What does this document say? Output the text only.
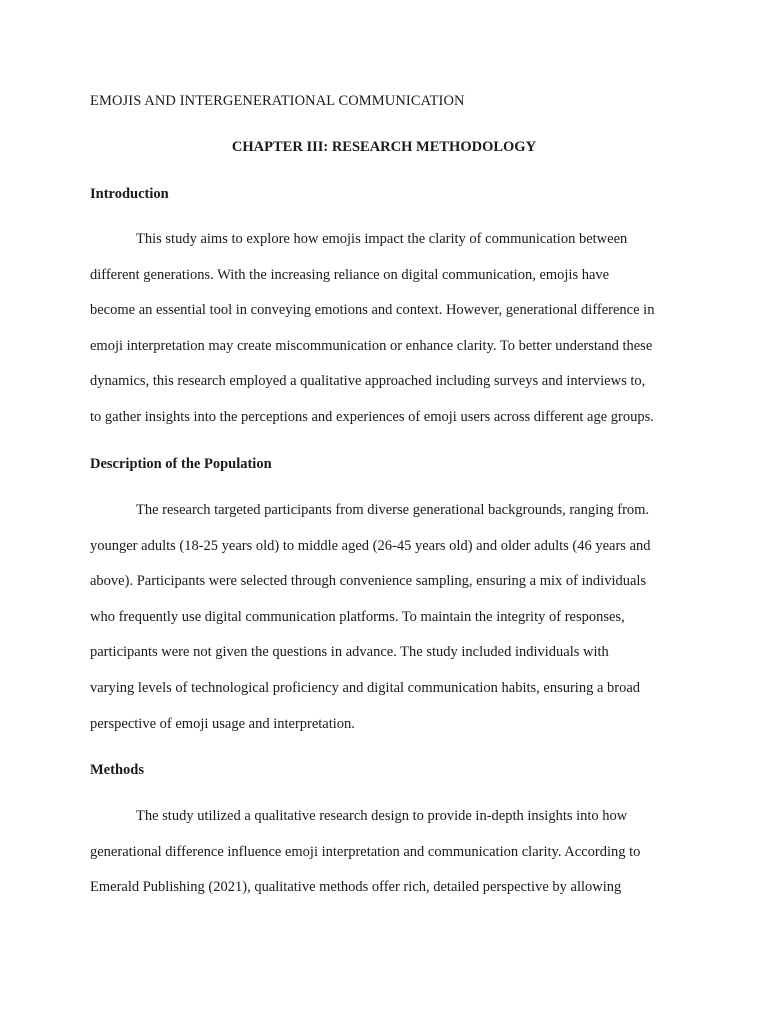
EMOJIS AND INTERGENERATIONAL COMMUNICATION
CHAPTER III: RESEARCH METHODOLOGY
Introduction
This study aims to explore how emojis impact the clarity of communication between
different generations. With the increasing reliance on digital communication, emojis have
become an essential tool in conveying emotions and context. However, generational difference in
emoji interpretation may create miscommunication or enhance clarity. To better understand these
dynamics, this research employed a qualitative approached including surveys and interviews to,
to gather insights into the perceptions and experiences of emoji users across different age groups.
Description of the Population
The research targeted participants from diverse generational backgrounds, ranging from.
younger adults (18-25 years old) to middle aged (26-45 years old) and older adults (46 years and
above). Participants were selected through convenience sampling, ensuring a mix of individuals
who frequently use digital communication platforms. To maintain the integrity of responses,
participants were not given the questions in advance. The study included individuals with
varying levels of technological proficiency and digital communication habits, ensuring a broad
perspective of emoji usage and interpretation.
Methods
The study utilized a qualitative research design to provide in-depth insights into how
generational difference influence emoji interpretation and communication clarity. According to
Emerald Publishing (2021), qualitative methods offer rich, detailed perspective by allowing
